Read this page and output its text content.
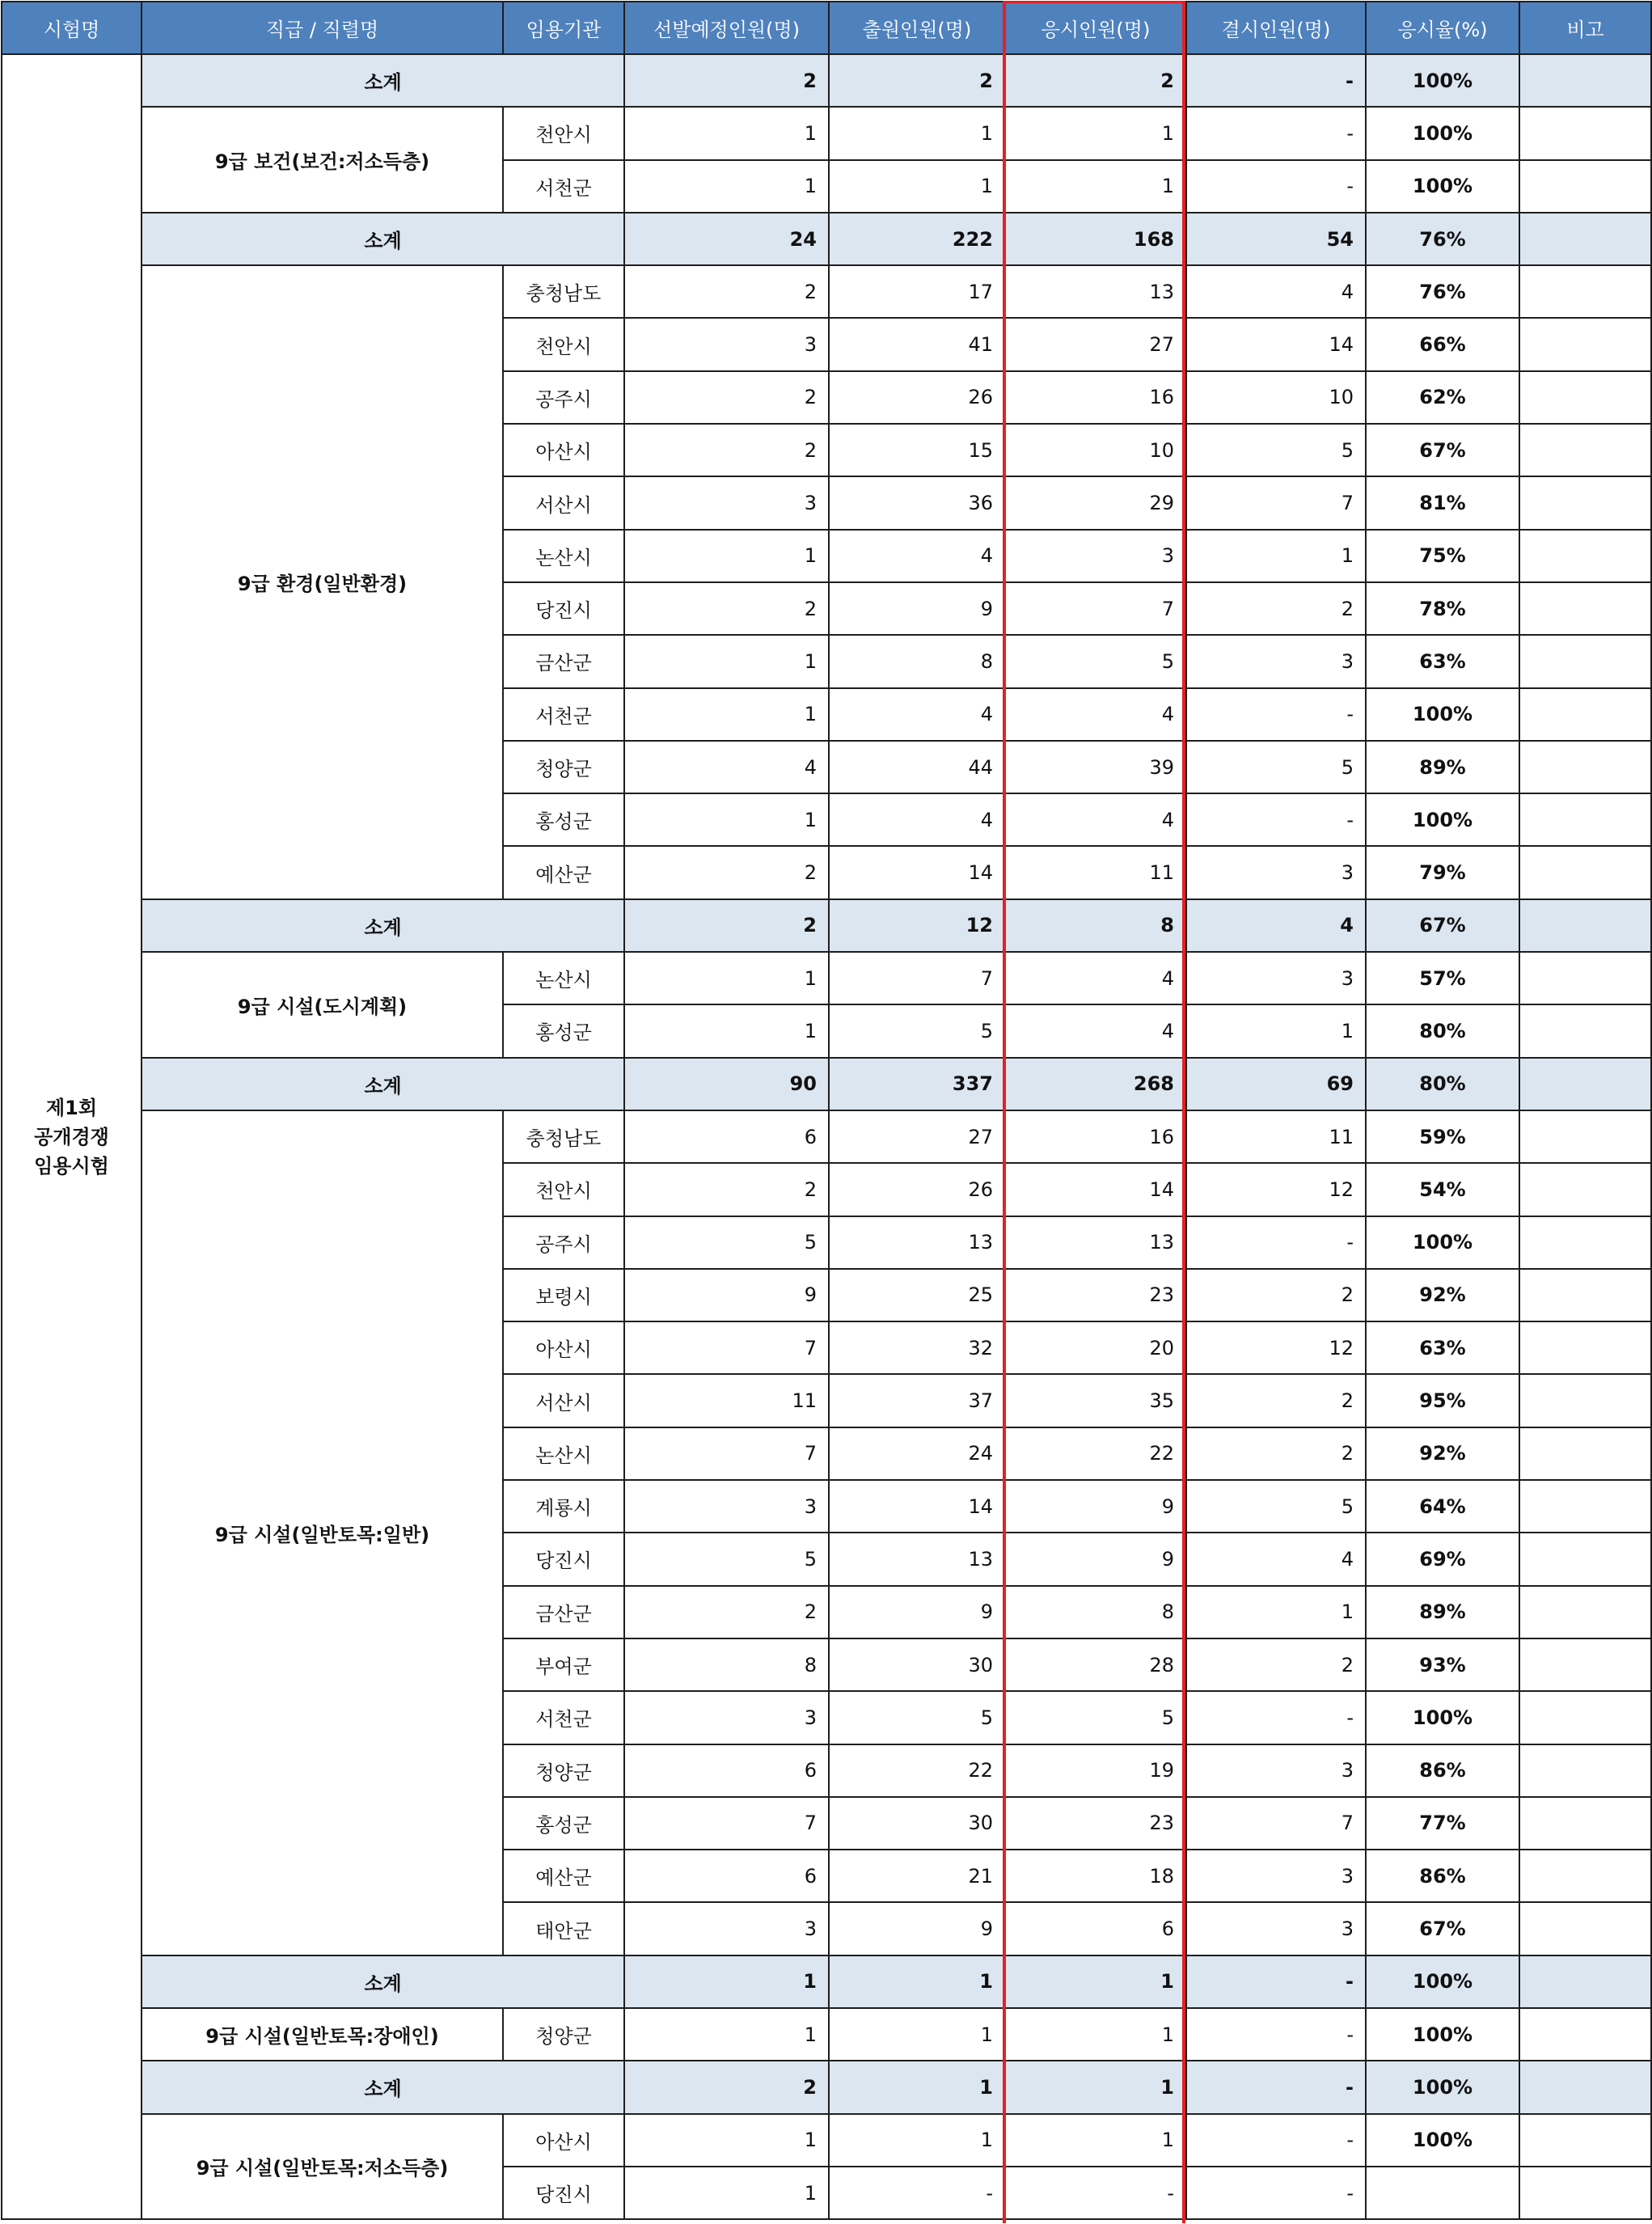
시험명	직급 / 직렬명	임용기관	선발예정인원(명)	출원인원(명)	응시인원(명)	결시인원(명)	응시율(%)	비고

제1회
공개경쟁
임용시험	소계		2	2	2	-	100%	
	9급 보건(보건:저소득층)	천안시	1	1	1	-	100%	
		서천군	1	1	1	-	100%	
	소계		24	222	168	54	76%	
	9급 환경(일반환경)	충청남도	2	17	13	4	76%	
		천안시	3	41	27	14	66%	
		공주시	2	26	16	10	62%	
		아산시	2	15	10	5	67%	
		서산시	3	36	29	7	81%	
		논산시	1	4	3	1	75%	
		당진시	2	9	7	2	78%	
		금산군	1	8	5	3	63%	
		서천군	1	4	4	-	100%	
		청양군	4	44	39	5	89%	
		홍성군	1	4	4	-	100%	
		예산군	2	14	11	3	79%	
	소계		2	12	8	4	67%	
	9급 시설(도시계획)	논산시	1	7	4	3	57%	
		홍성군	1	5	4	1	80%	
	소계		90	337	268	69	80%	
	9급 시설(일반토목:일반)	충청남도	6	27	16	11	59%	
		천안시	2	26	14	12	54%	
		공주시	5	13	13	-	100%	
		보령시	9	25	23	2	92%	
		아산시	7	32	20	12	63%	
		서산시	11	37	35	2	95%	
		논산시	7	24	22	2	92%	
		계룡시	3	14	9	5	64%	
		당진시	5	13	9	4	69%	
		금산군	2	9	8	1	89%	
		부여군	8	30	28	2	93%	
		서천군	3	5	5	-	100%	
		청양군	6	22	19	3	86%	
		홍성군	7	30	23	7	77%	
		예산군	6	21	18	3	86%	
		태안군	3	9	6	3	67%	
	소계		1	1	1	-	100%	
	9급 시설(일반토목:장애인)	청양군	1	1	1	-	100%	
	소계		2	1	1	-	100%	
	9급 시설(일반토목:저소득층)	아산시	1	1	1	-	100%	
		당진시	1	-	-	-		
